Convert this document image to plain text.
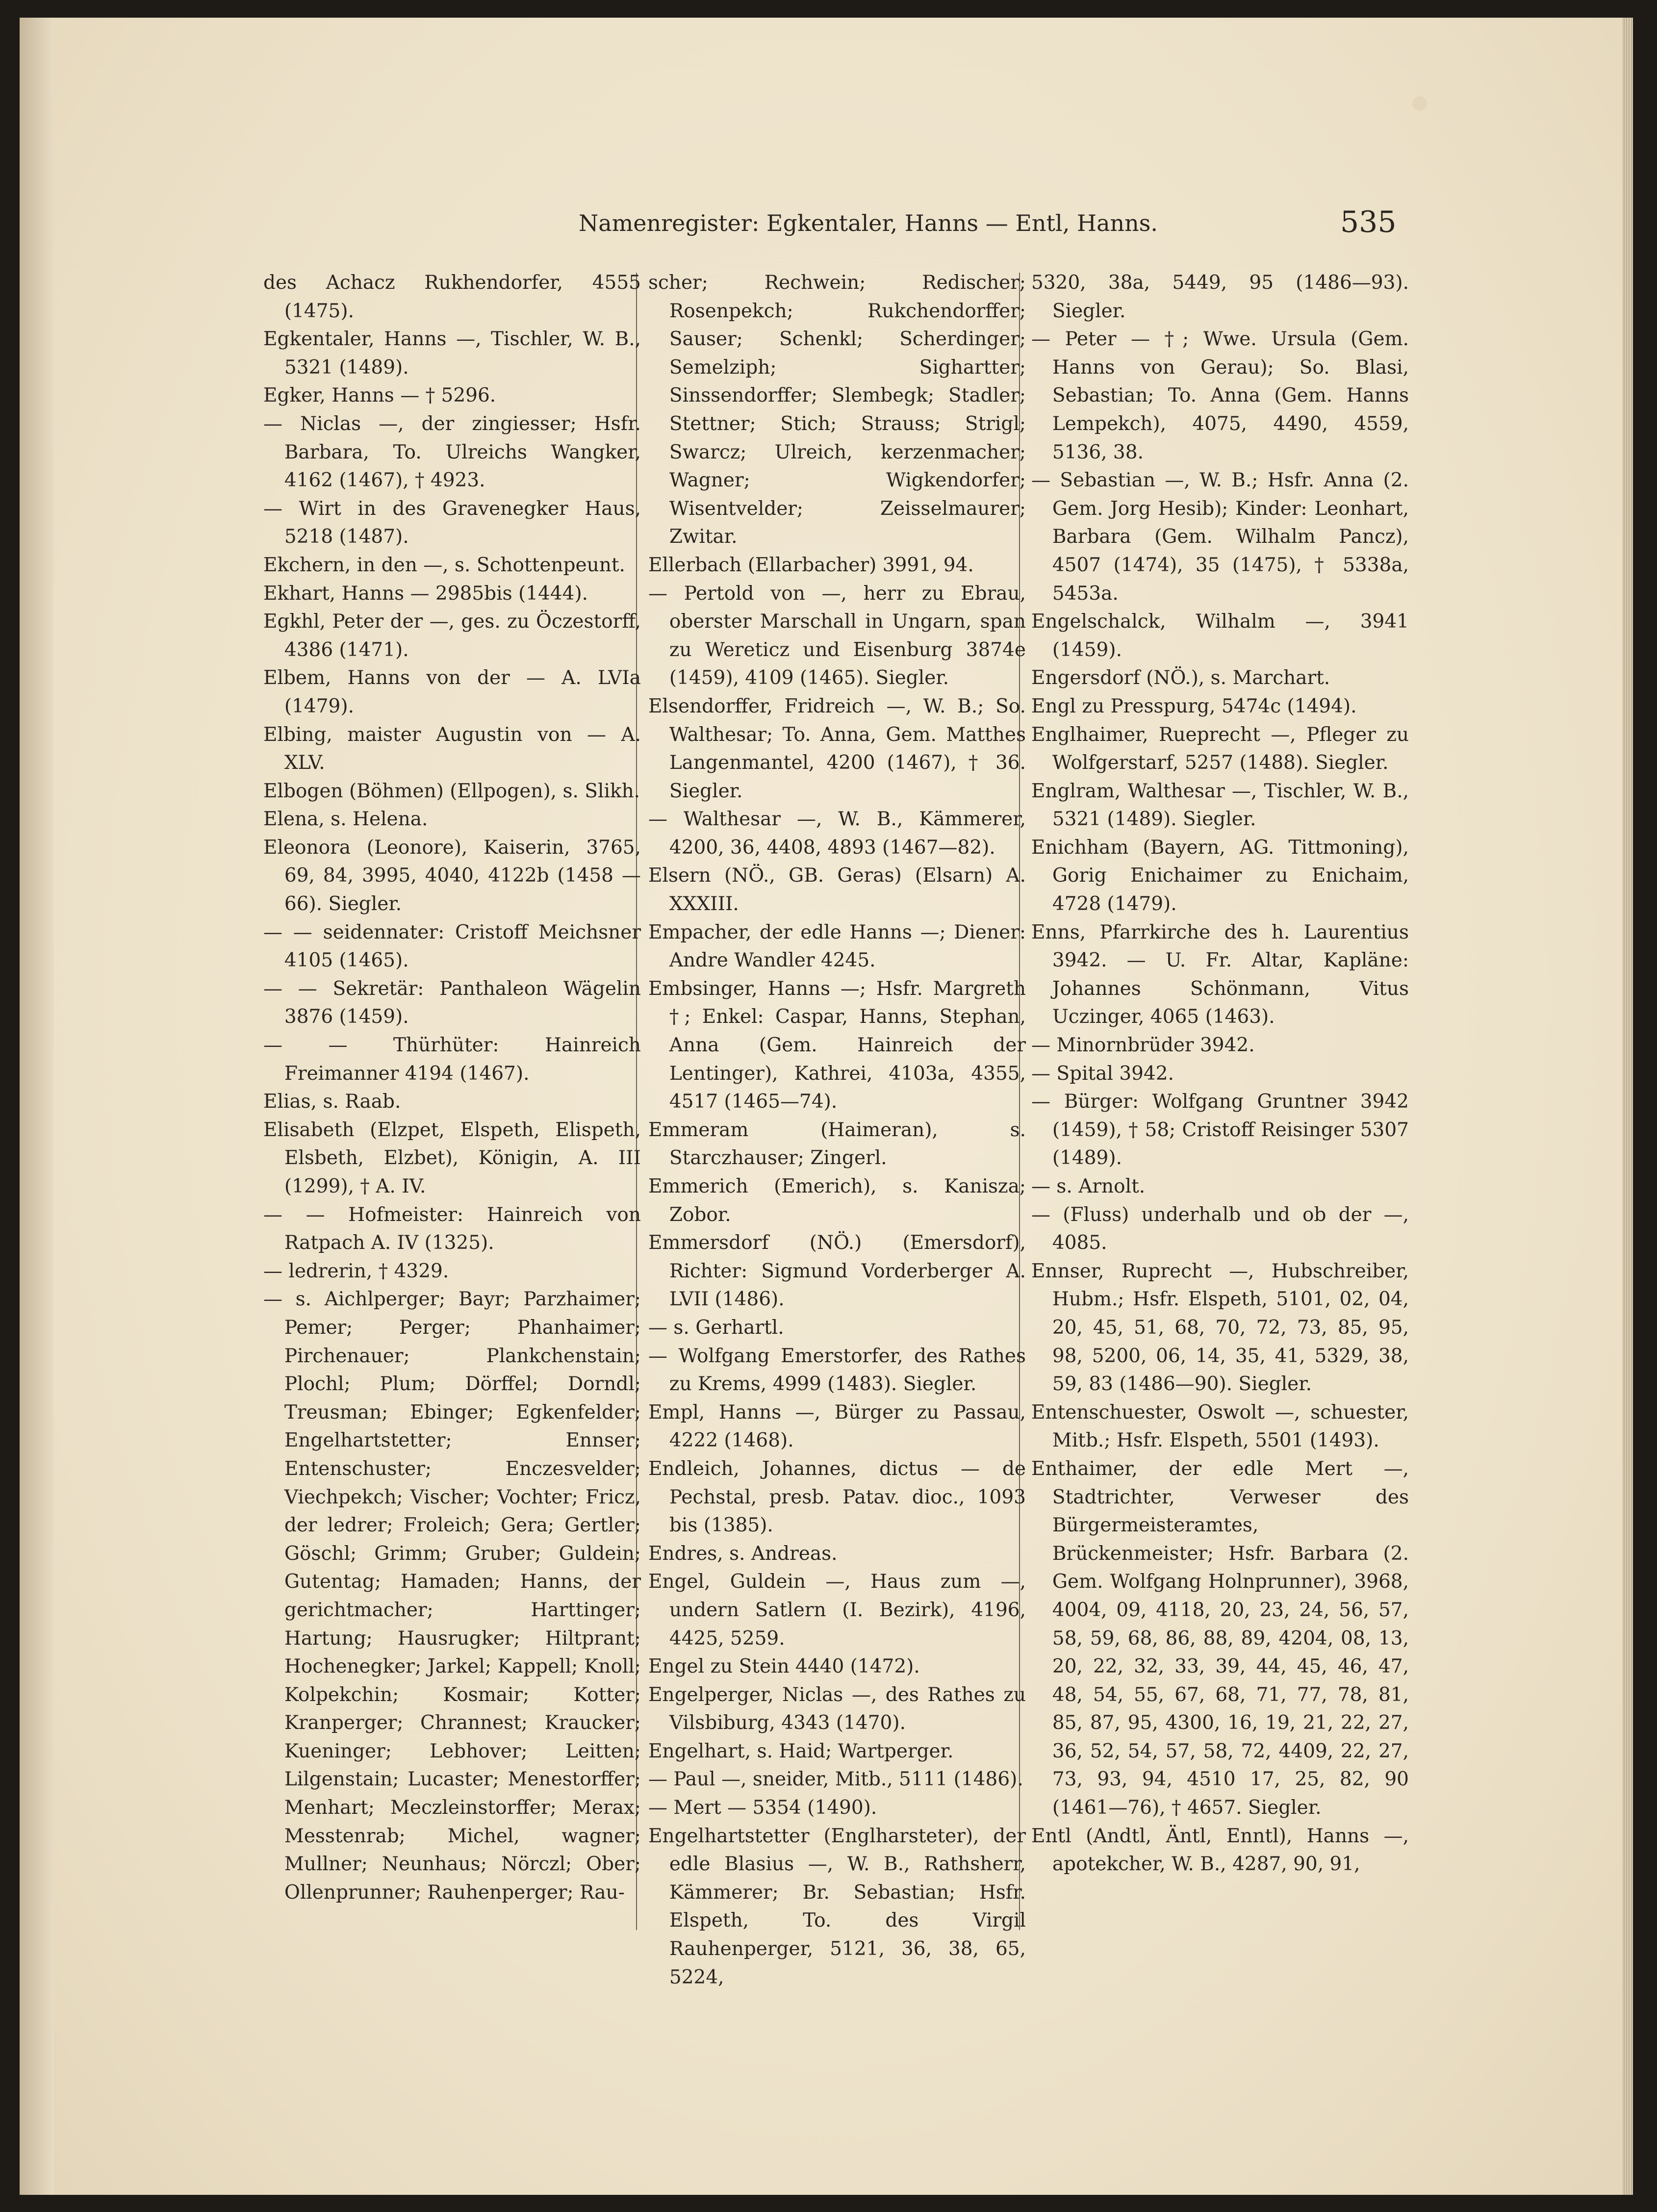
Namenregister: Egkentaler, Hanns — Entl, Hanns.	535

des Achacz Rukhendorfer, 4555 (1475).

Egkentaler, Hanns —, Tischler, W. B., 5321 (1489).

Egker, Hanns — † 5296.

— Niclas —, der zingiesser; Hsfr. Barbara, To. Ulreichs Wangker, 4162 (1467), † 4923.

— Wirt in des Gravenegker Haus, 5218 (1487).

Ekchern, in den —, s. Schottenpeunt.

Ekhart, Hanns — 2985bis (1444).

Egkhl, Peter der —, ges. zu Öczestorff, 4386 (1471).

Elbem, Hanns von der — A. LVIa (1479).

Elbing, maister Augustin von — A. XLV.

Elbogen (Böhmen) (Ellpogen), s. Slikh.

Elena, s. Helena.

Eleonora (Leonore), Kaiserin, 3765, 69, 84, 3995, 4040, 4122b (1458 —66). Siegler.

— — seidennater: Cristoff Meichsner 4105 (1465).

— — Sekretär: Panthaleon Wägelin 3876 (1459).

— — Thürhüter: Hainreich Freimanner 4194 (1467).

Elias, s. Raab.

Elisabeth (Elzpet, Elspeth, Elispeth, Elsbeth, Elzbet), Königin, A. III (1299), † A. IV.

— — Hofmeister: Hainreich von Ratpach A. IV (1325).

— ledrerin, † 4329.

— s. Aichlperger; Bayr; Parzhaimer; Pemer; Perger; Phanhaimer; Pirchenauer; Plankchenstain; Plochl; Plum; Dörffel; Dorndl; Treusman; Ebinger; Egkenfelder; Engelhartstetter; Ennser; Entenschuster; Enczesvelder; Viechpekch; Vischer; Vochter; Fricz, der ledrer; Froleich; Gera; Gertler; Göschl; Grimm; Gruber; Guldein; Gutentag; Hamaden; Hanns, der gerichtmacher; Harttinger; Hartung; Hausrugker; Hiltprant; Hochenegker; Jarkel; Kappell; Knoll; Kolpekchin; Kosmair; Kotter; Kranperger; Chrannest; Kraucker; Kueninger; Lebhover; Leitten; Lilgenstain; Lucaster; Menestorffer; Menhart; Meczleinstorffer; Merax; Messtenrab; Michel, wagner; Mullner; Neunhaus; Nörczl; Ober; Ollenprunner; Rauhenperger; Rau-

scher; Rechwein; Redischer; Rosenpekch; Rukchendorffer; Sauser; Schenkl; Scherdinger; Semelziph; Sighartter; Sinssendorffer; Slembegk; Stadler; Stettner; Stich; Strauss; Strigl; Swarcz; Ulreich, kerzenmacher; Wagner; Wigkendorfer; Wisentvelder; Zeisselmaurer; Zwitar.

Ellerbach (Ellarbacher) 3991, 94.

— Pertold von —, herr zu Ebrau, oberster Marschall in Ungarn, span zu Wereticz und Eisenburg 3874e (1459), 4109 (1465). Siegler.

Elsendorffer, Fridreich —, W. B.; So. Walthesar; To. Anna, Gem. Matthes Langenmantel, 4200 (1467), † 36. Siegler.

— Walthesar —, W. B., Kämmerer, 4200, 36, 4408, 4893 (1467—82).

Elsern (NÖ., GB. Geras) (Elsarn) A. XXXIII.

Empacher, der edle Hanns —; Diener: Andre Wandler 4245.

Embsinger, Hanns —; Hsfr. Margreth †; Enkel: Caspar, Hanns, Stephan, Anna (Gem. Hainreich der Lentinger), Kathrei, 4103a, 4355, 4517 (1465—74).

Emmeram (Haimeran), s. Starczhauser; Zingerl.

Emmerich (Emerich), s. Kanisza; Zobor.

Emmersdorf (NÖ.) (Emersdorf), Richter: Sigmund Vorderberger A. LVII (1486).

— s. Gerhartl.

— Wolfgang Emerstorfer, des Rathes zu Krems, 4999 (1483). Siegler.

Empl, Hanns —, Bürger zu Passau, 4222 (1468).

Endleich, Johannes, dictus — de Pechstal, presb. Patav. dioc., 1093 bis (1385).

Endres, s. Andreas.

Engel, Guldein —, Haus zum —, undern Satlern (I. Bezirk), 4196, 4425, 5259.

Engel zu Stein 4440 (1472).

Engelperger, Niclas —, des Rathes zu Vilsbiburg, 4343 (1470).

Engelhart, s. Haid; Wartperger.

— Paul —, sneider, Mitb., 5111 (1486).

— Mert — 5354 (1490).

Engelhartstetter (Englharsteter), der edle Blasius —, W. B., Rathsherr, Kämmerer; Br. Sebastian; Hsfr. Elspeth, To. des Virgil Rauhenperger, 5121, 36, 38, 65, 5224,

5320, 38a, 5449, 95 (1486—93). Siegler.

— Peter — †; Wwe. Ursula (Gem. Hanns von Gerau); So. Blasi, Sebastian; To. Anna (Gem. Hanns Lempekch), 4075, 4490, 4559, 5136, 38.

— Sebastian —, W. B.; Hsfr. Anna (2. Gem. Jorg Hesib); Kinder: Leonhart, Barbara (Gem. Wilhalm Pancz), 4507 (1474), 35 (1475), † 5338a, 5453a.

Engelschalck, Wilhalm —, 3941 (1459).

Engersdorf (NÖ.), s. Marchart.

Engl zu Presspurg, 5474c (1494).

Englhaimer, Rueprecht —, Pfleger zu Wolfgerstarf, 5257 (1488). Siegler.

Englram, Walthesar —, Tischler, W. B., 5321 (1489). Siegler.

Enichham (Bayern, AG. Tittmoning), Gorig Enichaimer zu Enichaim, 4728 (1479).

Enns, Pfarrkirche des h. Laurentius 3942. — U. Fr. Altar, Kapläne: Johannes Schönmann, Vitus Uczinger, 4065 (1463).

— Minornbrüder 3942.

— Spital 3942.

— Bürger: Wolfgang Gruntner 3942 (1459), † 58; Cristoff Reisinger 5307 (1489).

— s. Arnolt.

— (Fluss) underhalb und ob der —, 4085.

Ennser, Ruprecht —, Hubschreiber, Hubm.; Hsfr. Elspeth, 5101, 02, 04, 20, 45, 51, 68, 70, 72, 73, 85, 95, 98, 5200, 06, 14, 35, 41, 5329, 38, 59, 83 (1486—90). Siegler.

Entenschuester, Oswolt —, schuester, Mitb.; Hsfr. Elspeth, 5501 (1493).

Enthaimer, der edle Mert —, Stadtrichter, Verweser des Bürgermeisteramtes, Brückenmeister; Hsfr. Barbara (2. Gem. Wolfgang Holnprunner), 3968, 4004, 09, 4118, 20, 23, 24, 56, 57, 58, 59, 68, 86, 88, 89, 4204, 08, 13, 20, 22, 32, 33, 39, 44, 45, 46, 47, 48, 54, 55, 67, 68, 71, 77, 78, 81, 85, 87, 95, 4300, 16, 19, 21, 22, 27, 36, 52, 54, 57, 58, 72, 4409, 22, 27, 73, 93, 94, 4510 17, 25, 82, 90 (1461—76), † 4657. Siegler.

Entl (Andtl, Äntl, Enntl), Hanns —, apotekcher, W. B., 4287, 90, 91,
